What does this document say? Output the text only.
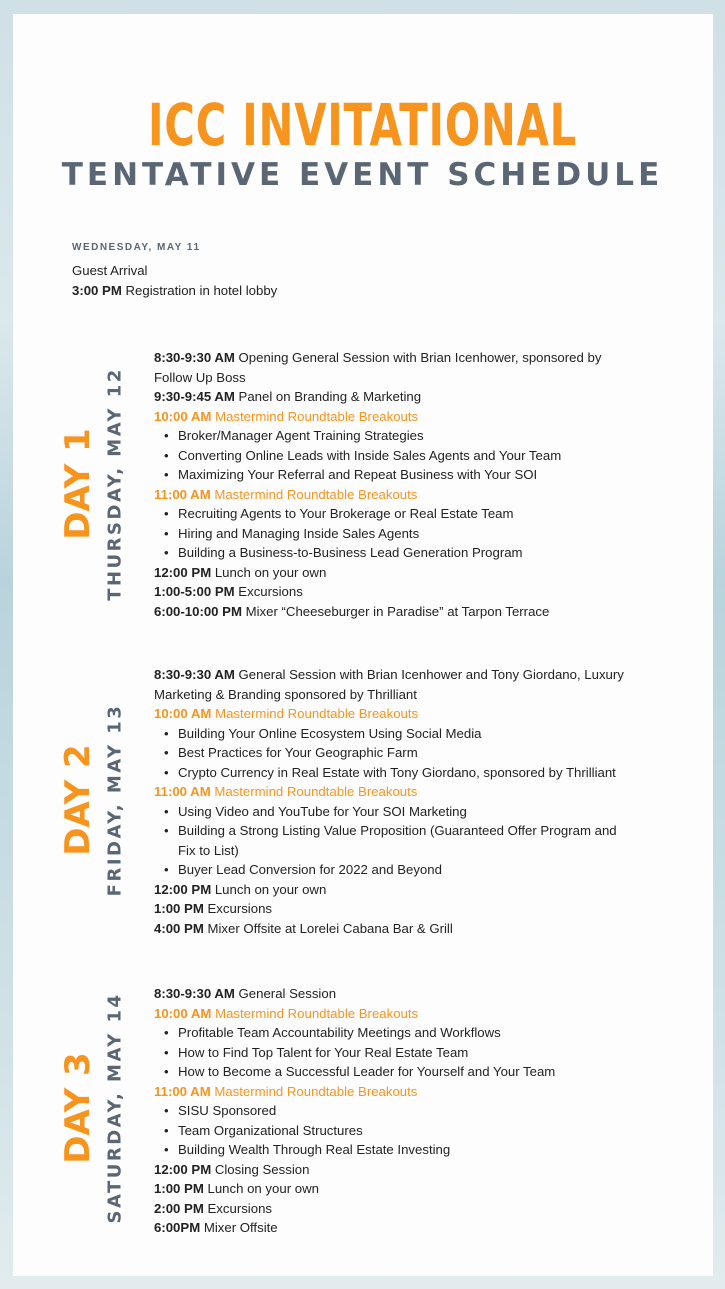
ICC INVITATIONAL
TENTATIVE EVENT SCHEDULE
WEDNESDAY, MAY 11
Guest Arrival
3:00 PM Registration in hotel lobby
DAY 1 THURSDAY, MAY 12
8:30-9:30 AM Opening General Session with Brian Icenhower, sponsored by
Follow Up Boss
9:30-9:45 AM Panel on Branding & Marketing
10:00 AM Mastermind Roundtable Breakouts
• Broker/Manager Agent Training Strategies
• Converting Online Leads with Inside Sales Agents and Your Team
• Maximizing Your Referral and Repeat Business with Your SOI
11:00 AM Mastermind Roundtable Breakouts
• Recruiting Agents to Your Brokerage or Real Estate Team
• Hiring and Managing Inside Sales Agents
• Building a Business-to-Business Lead Generation Program
12:00 PM Lunch on your own
1:00-5:00 PM Excursions
6:00-10:00 PM Mixer “Cheeseburger in Paradise” at Tarpon Terrace
DAY 2 FRIDAY, MAY 13
8:30-9:30 AM General Session with Brian Icenhower and Tony Giordano, Luxury
Marketing & Branding sponsored by Thrilliant
10:00 AM Mastermind Roundtable Breakouts
• Building Your Online Ecosystem Using Social Media
• Best Practices for Your Geographic Farm
• Crypto Currency in Real Estate with Tony Giordano, sponsored by Thrilliant
11:00 AM Mastermind Roundtable Breakouts
• Using Video and YouTube for Your SOI Marketing
• Building a Strong Listing Value Proposition (Guaranteed Offer Program and
Fix to List)
• Buyer Lead Conversion for 2022 and Beyond
12:00 PM Lunch on your own
1:00 PM Excursions
4:00 PM Mixer Offsite at Lorelei Cabana Bar & Grill
DAY 3 SATURDAY, MAY 14 8:30-9:30 AM General Session
10:00 AM Mastermind Roundtable Breakouts
• Profitable Team Accountability Meetings and Workflows
• How to Find Top Talent for Your Real Estate Team
• How to Become a Successful Leader for Yourself and Your Team
11:00 AM Mastermind Roundtable Breakouts
• SISU Sponsored
• Team Organizational Structures
• Building Wealth Through Real Estate Investing
12:00 PM Closing Session
1:00 PM Lunch on your own
2:00 PM Excursions
6:00PM Mixer Offsite
